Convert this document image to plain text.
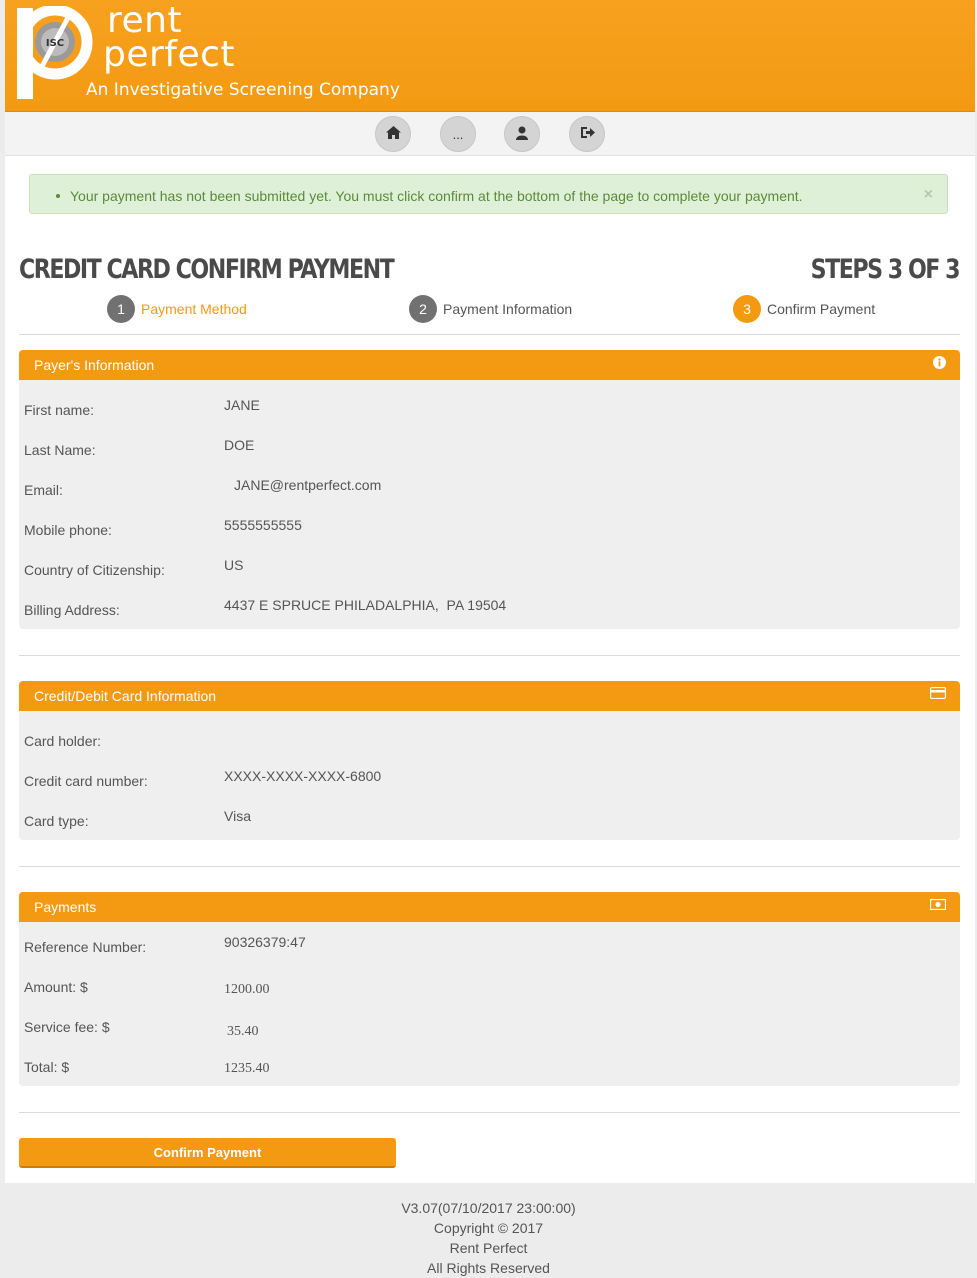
ISC
rent
perfect
An Investigative Screening Company
...
Your payment has not been submitted yet. You must click confirm at the bottom of the page to complete your payment.	×
CREDIT CARD CONFIRM PAYMENT	STEPS 3 OF 3
1	Payment Method	2	Payment Information	3	Confirm Payment
Payer's Information
First name:	JANE
Last Name:	DOE
Email:	JANE@rentperfect.com
Mobile phone:	5555555555
Country of Citizenship:	US
Billing Address:	4437 E SPRUCE PHILADALPHIA,  PA 19504
Credit/Debit Card Information
Card holder:
Credit card number:	XXXX-XXXX-XXXX-6800
Card type:	Visa
Payments
Reference Number:	90326379:47
Amount: $	1200.00
Service fee: $	35.40
Total: $	1235.40
Confirm Payment
V3.07(07/10/2017 23:00:00)
Copyright © 2017
Rent Perfect
All Rights Reserved
